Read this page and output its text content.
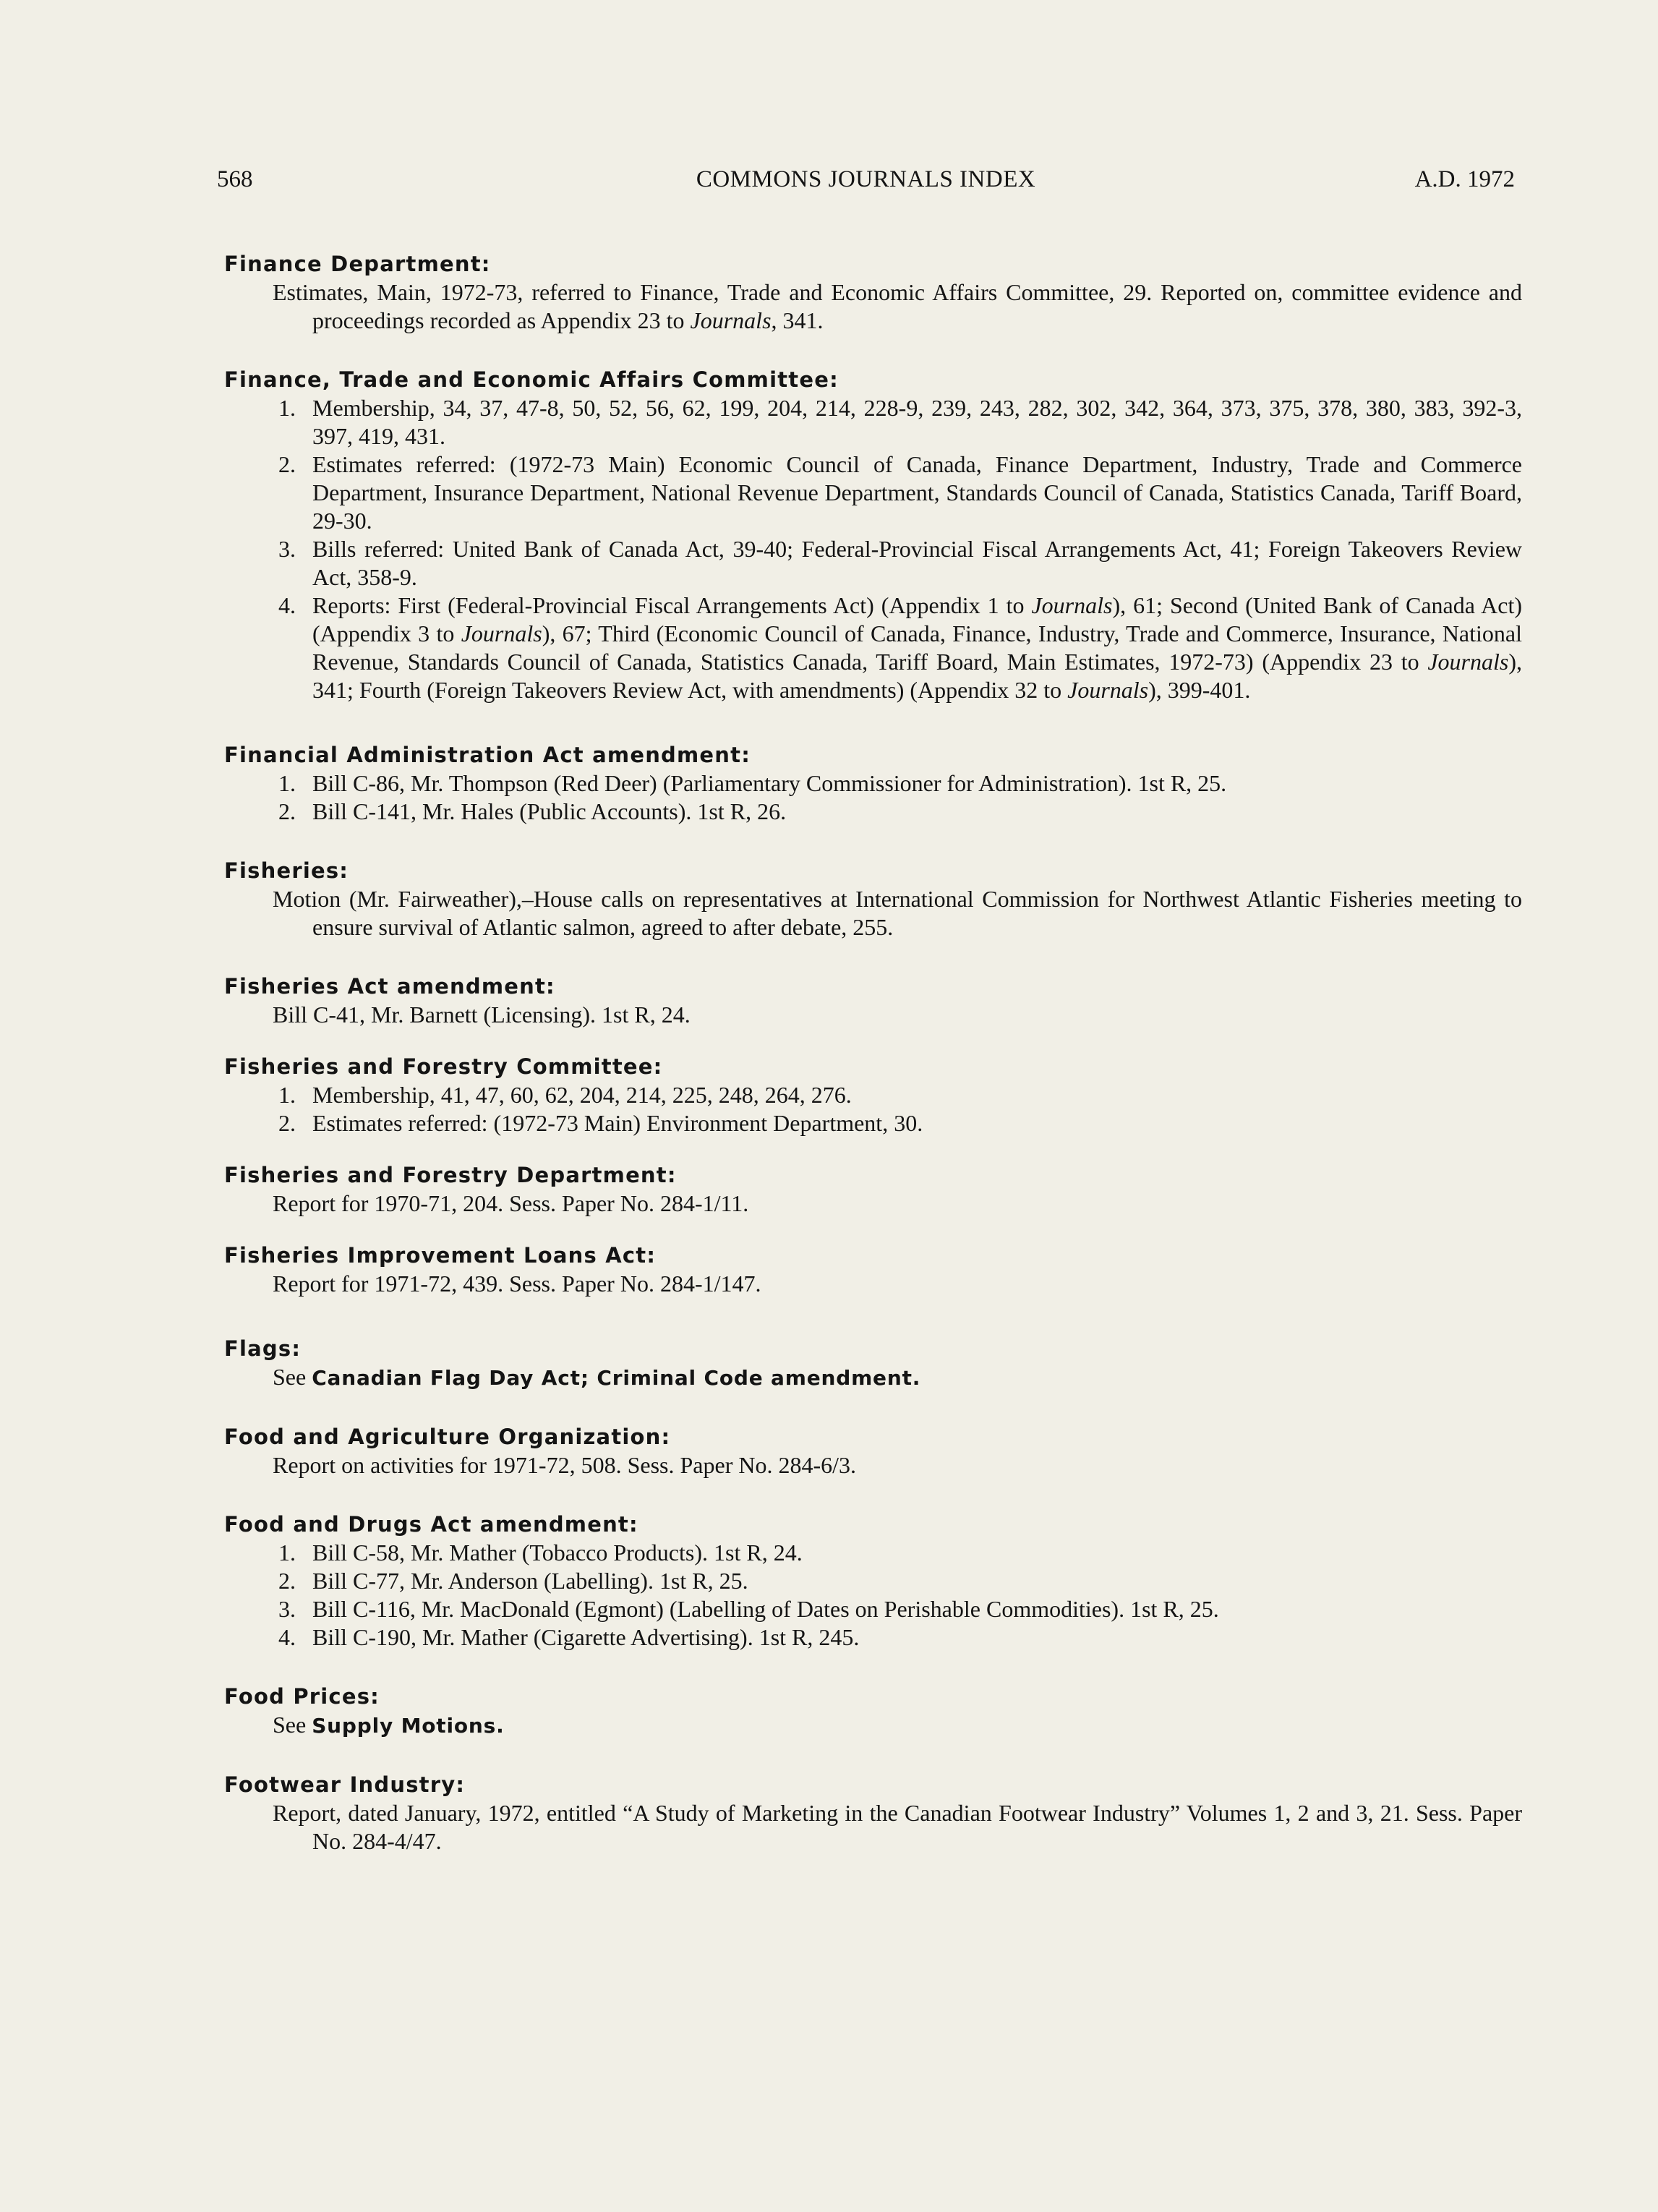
568	COMMONS JOURNALS INDEX	A.D. 1972

Finance Department:

Estimates, Main, 1972-73, referred to Finance, Trade and Economic Affairs Committee, 29. Reported on, committee evidence and proceedings recorded as Appendix 23 to Journals, 341.

Finance, Trade and Economic Affairs Committee:

1. Membership, 34, 37, 47-8, 50, 52, 56, 62, 199, 204, 214, 228-9, 239, 243, 282, 302, 342, 364, 373, 375, 378, 380, 383, 392-3, 397, 419, 431.
2. Estimates referred: (1972-73 Main) Economic Council of Canada, Finance Department, Industry, Trade and Commerce Department, Insurance Department, National Revenue Department, Standards Council of Canada, Statistics Canada, Tariff Board, 29-30.
3. Bills referred: United Bank of Canada Act, 39-40; Federal-Provincial Fiscal Arrangements Act, 41; Foreign Takeovers Review Act, 358-9.
4. Reports: First (Federal-Provincial Fiscal Arrangements Act) (Appendix 1 to Journals), 61; Second (United Bank of Canada Act) (Appendix 3 to Journals), 67; Third (Economic Council of Canada, Finance, Industry, Trade and Commerce, Insurance, National Revenue, Standards Council of Canada, Statistics Canada, Tariff Board, Main Estimates, 1972-73) (Appendix 23 to Journals), 341; Fourth (Foreign Takeovers Review Act, with amendments) (Appendix 32 to Journals), 399-401.

Financial Administration Act amendment:

1. Bill C-86, Mr. Thompson (Red Deer) (Parliamentary Commissioner for Administration). 1st R, 25.
2. Bill C-141, Mr. Hales (Public Accounts). 1st R, 26.

Fisheries:

Motion (Mr. Fairweather),–House calls on representatives at International Commission for Northwest Atlantic Fisheries meeting to ensure survival of Atlantic salmon, agreed to after debate, 255.

Fisheries Act amendment:

Bill C-41, Mr. Barnett (Licensing). 1st R, 24.

Fisheries and Forestry Committee:

1. Membership, 41, 47, 60, 62, 204, 214, 225, 248, 264, 276.
2. Estimates referred: (1972-73 Main) Environment Department, 30.

Fisheries and Forestry Department:

Report for 1970-71, 204. Sess. Paper No. 284-1/11.

Fisheries Improvement Loans Act:

Report for 1971-72, 439. Sess. Paper No. 284-1/147.

Flags:

See Canadian Flag Day Act; Criminal Code amendment.

Food and Agriculture Organization:

Report on activities for 1971-72, 508. Sess. Paper No. 284-6/3.

Food and Drugs Act amendment:

1. Bill C-58, Mr. Mather (Tobacco Products). 1st R, 24.
2. Bill C-77, Mr. Anderson (Labelling). 1st R, 25.
3. Bill C-116, Mr. MacDonald (Egmont) (Labelling of Dates on Perishable Commodities). 1st R, 25.
4. Bill C-190, Mr. Mather (Cigarette Advertising). 1st R, 245.

Food Prices:

See Supply Motions.

Footwear Industry:

Report, dated January, 1972, entitled “A Study of Marketing in the Canadian Footwear Industry” Volumes 1, 2 and 3, 21. Sess. Paper No. 284-4/47.
